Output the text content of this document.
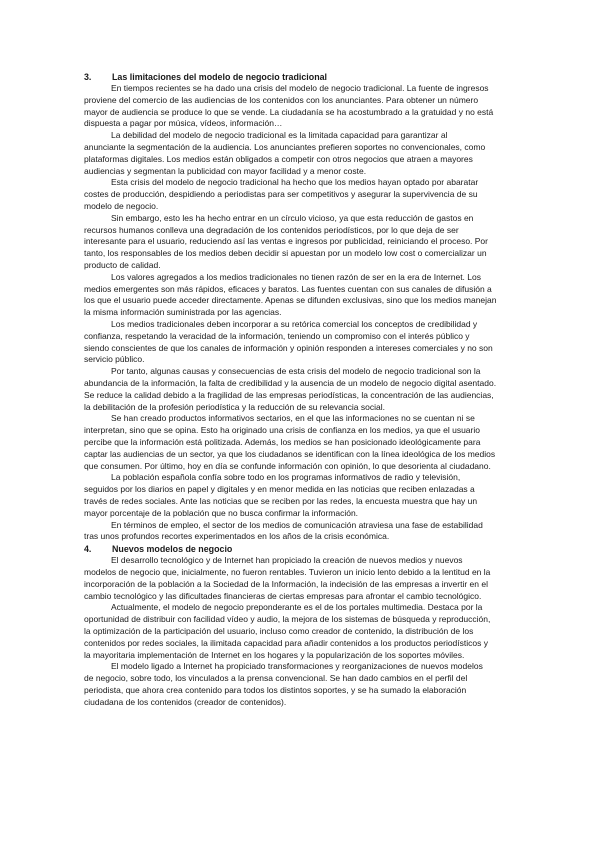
3. Las limitaciones del modelo de negocio tradicional
En tiempos recientes se ha dado una crisis del modelo de negocio tradicional. La fuente de ingresos
proviene del comercio de las audiencias de los contenidos con los anunciantes. Para obtener un número
mayor de audiencia se produce lo que se vende. La ciudadanía se ha acostumbrado a la gratuidad y no está
dispuesta a pagar por música, vídeos, información…
La debilidad del modelo de negocio tradicional es la limitada capacidad para garantizar al
anunciante la segmentación de la audiencia. Los anunciantes prefieren soportes no convencionales, como
plataformas digitales. Los medios están obligados a competir con otros negocios que atraen a mayores
audiencias y segmentan la publicidad con mayor facilidad y a menor coste.
Esta crisis del modelo de negocio tradicional ha hecho que los medios hayan optado por abaratar
costes de producción, despidiendo a periodistas para ser competitivos y asegurar la supervivencia de su
modelo de negocio.
Sin embargo, esto les ha hecho entrar en un círculo vicioso, ya que esta reducción de gastos en
recursos humanos conlleva una degradación de los contenidos periodísticos, por lo que deja de ser
interesante para el usuario, reduciendo así las ventas e ingresos por publicidad, reiniciando el proceso. Por
tanto, los responsables de los medios deben decidir si apuestan por un modelo low cost o comercializar un
producto de calidad.
Los valores agregados a los medios tradicionales no tienen razón de ser en la era de Internet. Los
medios emergentes son más rápidos, eficaces y baratos. Las fuentes cuentan con sus canales de difusión a
los que el usuario puede acceder directamente. Apenas se difunden exclusivas, sino que los medios manejan
la misma información suministrada por las agencias.
Los medios tradicionales deben incorporar a su retórica comercial los conceptos de credibilidad y
confianza, respetando la veracidad de la información, teniendo un compromiso con el interés público y
siendo conscientes de que los canales de información y opinión responden a intereses comerciales y no son
servicio público.
Por tanto, algunas causas y consecuencias de esta crisis del modelo de negocio tradicional son la
abundancia de la información, la falta de credibilidad y la ausencia de un modelo de negocio digital asentado.
Se reduce la calidad debido a la fragilidad de las empresas periodísticas, la concentración de las audiencias,
la debilitación de la profesión periodística y la reducción de su relevancia social.
Se han creado productos informativos sectarios, en el que las informaciones no se cuentan ni se
interpretan, sino que se opina. Esto ha originado una crisis de confianza en los medios, ya que el usuario
percibe que la información está politizada. Además, los medios se han posicionado ideológicamente para
captar las audiencias de un sector, ya que los ciudadanos se identifican con la línea ideológica de los medios
que consumen. Por último, hoy en día se confunde información con opinión, lo que desorienta al ciudadano.
La población española confía sobre todo en los programas informativos de radio y televisión,
seguidos por los diarios en papel y digitales y en menor medida en las noticias que reciben enlazadas a
través de redes sociales. Ante las noticias que se reciben por las redes, la encuesta muestra que hay un
mayor porcentaje de la población que no busca confirmar la información.
En términos de empleo, el sector de los medios de comunicación atraviesa una fase de estabilidad
tras unos profundos recortes experimentados en los años de la crisis económica.
4. Nuevos modelos de negocio
El desarrollo tecnológico y de Internet han propiciado la creación de nuevos medios y nuevos
modelos de negocio que, inicialmente, no fueron rentables. Tuvieron un inicio lento debido a la lentitud en la
incorporación de la población a la Sociedad de la Información, la indecisión de las empresas a invertir en el
cambio tecnológico y las dificultades financieras de ciertas empresas para afrontar el cambio tecnológico.
Actualmente, el modelo de negocio preponderante es el de los portales multimedia. Destaca por la
oportunidad de distribuir con facilidad vídeo y audio, la mejora de los sistemas de búsqueda y reproducción,
la optimización de la participación del usuario, incluso como creador de contenido, la distribución de los
contenidos por redes sociales, la ilimitada capacidad para añadir contenidos a los productos periodísticos y
la mayoritaria implementación de Internet en los hogares y la popularización de los soportes móviles.
El modelo ligado a Internet ha propiciado transformaciones y reorganizaciones de nuevos modelos
de negocio, sobre todo, los vinculados a la prensa convencional. Se han dado cambios en el perfil del
periodista, que ahora crea contenido para todos los distintos soportes, y se ha sumado la elaboración
ciudadana de los contenidos (creador de contenidos).
